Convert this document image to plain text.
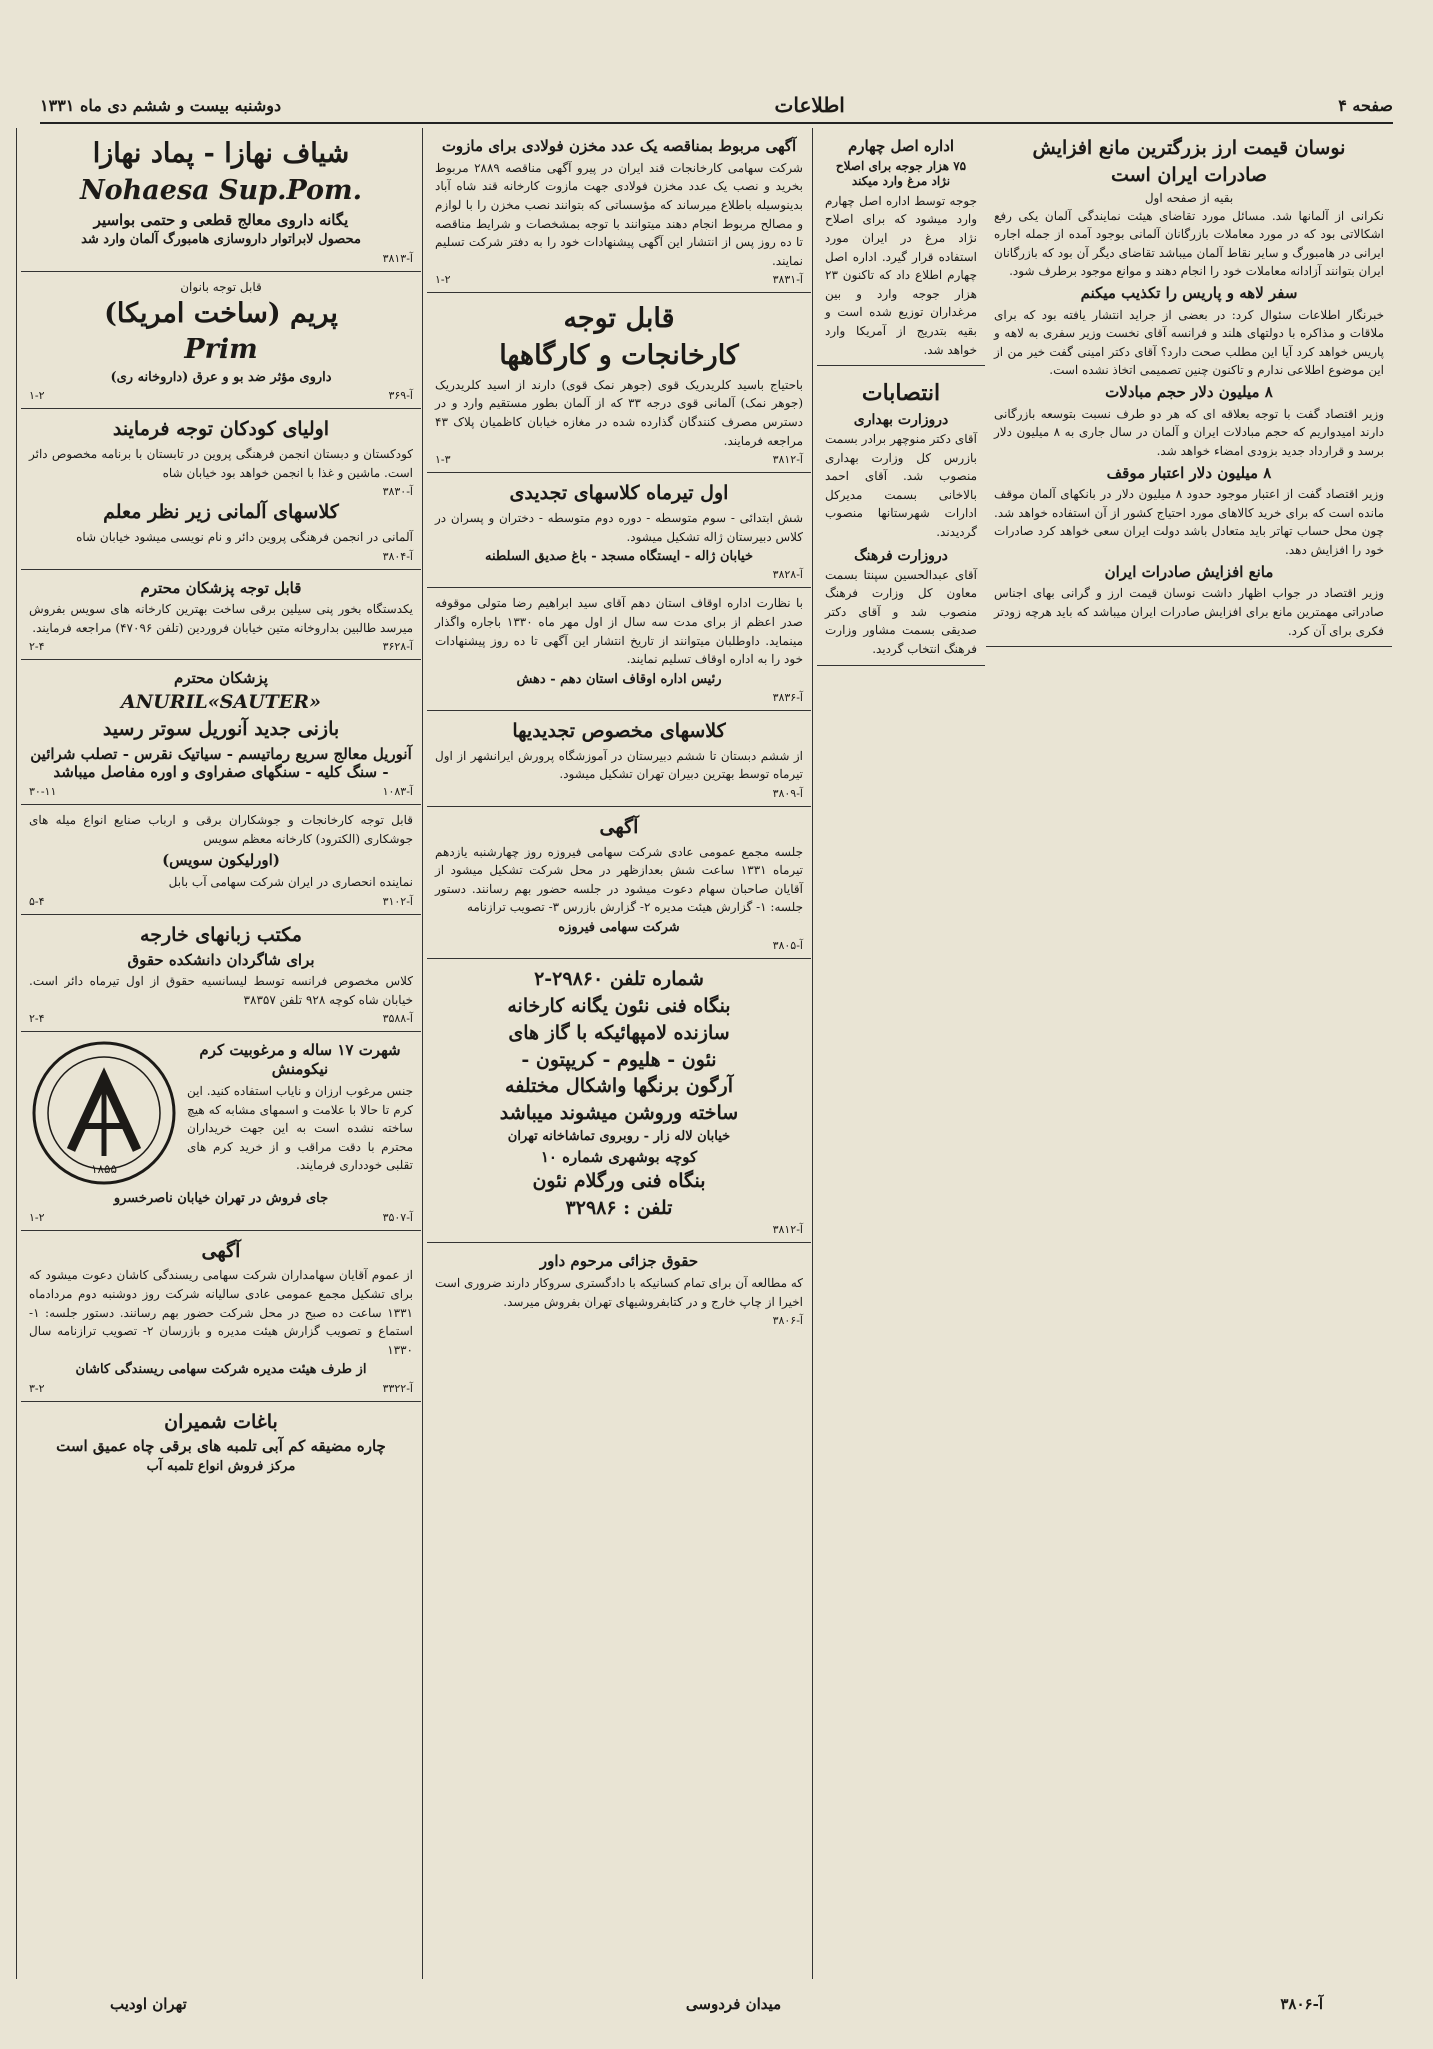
صفحه ۴
اطلاعات
دوشنبه بیست و ششم دی ماه ۱۳۳۱

نوسان قیمت ارز بزرگترین مانع افزایش

صادرات ایران است

بقیه از صفحه اول

نکرانی از آلمانها شد. مسائل مورد تقاضای هیئت نمایندگی آلمان یکی رفع اشکالاتی بود که در مورد معاملات بازرگانان آلمانی بوجود آمده از جمله اجاره ایرانی در هامبورگ و سایر نقاط آلمان میباشد تقاضای دیگر آن بود که بازرگانان ایران بتوانند آزادانه معاملات خود را انجام دهند و موانع موجود برطرف شود.

سفر لاهه و پاریس را تکذیب میکنم

خبرنگار اطلاعات سئوال کرد: در بعضی از جراید انتشار یافته بود که برای ملاقات و مذاکره با دولتهای هلند و فرانسه آقای نخست وزیر سفری به لاهه و پاریس خواهد کرد آیا این مطلب صحت دارد؟ آقای دکتر امینی گفت خیر من از این موضوع اطلاعی ندارم و تاکنون چنین تصمیمی اتخاذ نشده است.

۸ میلیون دلار حجم مبادلات

وزیر اقتصاد گفت با توجه بعلاقه ای که هر دو طرف نسبت بتوسعه بازرگانی دارند امیدواریم که حجم مبادلات ایران و آلمان در سال جاری به ۸ میلیون دلار برسد و قرارداد جدید بزودی امضاء خواهد شد.

۸ میلیون دلار اعتبار موقف

وزیر اقتصاد گفت از اعتبار موجود حدود ۸ میلیون دلار در بانکهای آلمان موقف مانده است که برای خرید کالاهای مورد احتیاج کشور از آن استفاده خواهد شد. چون محل حساب تهاتر باید متعادل باشد دولت ایران سعی خواهد کرد صادرات خود را افزایش دهد.

مانع افزایش صادرات ایران

وزیر اقتصاد در جواب اظهار داشت نوسان قیمت ارز و گرانی بهای اجناس صادراتی مهمترین مانع برای افزایش صادرات ایران میباشد که باید هرچه زودتر فکری برای آن کرد.

اداره اصل چهارم

۷۵ هزار جوجه برای اصلاح نژاد مرغ وارد میکند

جوجه توسط اداره اصل چهارم وارد میشود که برای اصلاح نژاد مرغ در ایران مورد استفاده قرار گیرد. اداره اصل چهارم اطلاع داد که تاکنون ۲۳ هزار جوجه وارد و بین مرغداران توزیع شده است و بقیه بتدریج از آمریکا وارد خواهد شد.

انتصابات

دروزارت بهداری

آقای دکتر منوچهر برادر بسمت بازرس کل وزارت بهداری منصوب شد. آقای احمد بالاخانی بسمت مدیرکل ادارات شهرستانها منصوب گردیدند.

دروزارت فرهنگ

آقای عبدالحسین سپنتا بسمت معاون کل وزارت فرهنگ منصوب شد و آقای دکتر صدیقی بسمت مشاور وزارت فرهنگ انتخاب گردید.

آگهی مربوط بمناقصه یک عدد مخزن فولادی برای مازوت

شرکت سهامی کارخانجات قند ایران در پیرو آگهی مناقصه ۲۸۸۹ مربوط بخرید و نصب یک عدد مخزن فولادی جهت مازوت کارخانه قند شاه آباد بدینوسیله باطلاع میرساند که مؤسساتی که بتوانند نصب مخزن را با لوازم و مصالح مربوط انجام دهند میتوانند با توجه بمشخصات و شرایط مناقصه تا ده روز پس از انتشار این آگهی پیشنهادات خود را به دفتر شرکت تسلیم نمایند.

۱-۲	آ-۳۸۳۱

قابل توجه

کارخانجات و کارگاهها

باحتیاج باسید کلریدریک قوی (جوهر نمک قوی) دارند از اسید کلریدریک (جوهر نمک) آلمانی قوی درجه ۳۳ که از آلمان بطور مستقیم وارد و در دسترس مصرف کنندگان گذارده شده در مغازه خیابان کاظمیان پلاک ۴۳ مراجعه فرمایند.

۱-۳	آ-۳۸۱۲

اول تیرماه کلاسهای تجدیدی

شش ابتدائی - سوم متوسطه - دوره دوم متوسطه - دختران و پسران در کلاس دبیرستان ژاله تشکیل میشود.

خیابان ژاله - ایستگاه مسجد - باغ صدیق السلطنه

آ-۳۸۲۸

با نظارت اداره اوقاف استان دهم آقای سید ابراهیم رضا متولی موقوفه صدر اعظم از برای مدت سه سال از اول مهر ماه ۱۳۳۰ باجاره واگذار مینماید. داوطلبان میتوانند از تاریخ انتشار این آگهی تا ده روز پیشنهادات خود را به اداره اوقاف تسلیم نمایند.

رئیس اداره اوقاف استان دهم - دهش

آ-۳۸۳۶

کلاسهای مخصوص تجدیدیها

از ششم دبستان تا ششم دبیرستان در آموزشگاه پرورش ایرانشهر از اول تیرماه توسط بهترین دبیران تهران تشکیل میشود.

آ-۳۸۰۹

آگهی

جلسه مجمع عمومی عادی شرکت سهامی فیروزه روز چهارشنبه یازدهم تیرماه ۱۳۳۱ ساعت شش بعدازظهر در محل شرکت تشکیل میشود از آقایان صاحبان سهام دعوت میشود در جلسه حضور بهم رسانند. دستور جلسه: ۱- گزارش هیئت مدیره ۲- گزارش بازرس ۳- تصویب ترازنامه

شرکت سهامی فیروزه

آ-۳۸۰۵

شماره تلفن ۲۹۸۶۰-۲

بنگاه فنی نئون یگانه کارخانه

سازنده لامپهائیکه با گاز های

نئون - هلیوم - کریپتون -

آرگون برنگها واشکال مختلفه

ساخته وروشن میشوند میباشد

خیابان لاله زار - روبروی تماشاخانه تهران

کوچه بوشهری شماره ۱۰

بنگاه فنی ورگلام نئون

تلفن : ۳۲۹۸۶

آ-۳۸۱۲

حقوق جزائی مرحوم داور

که مطالعه آن برای تمام کسانیکه با دادگستری سروکار دارند ضروری است اخیرا از چاپ خارج و در کتابفروشیهای تهران بفروش میرسد.

آ-۳۸۰۶

شیاف نهازا - پماد نهازا

Nohaesa Sup.Pom.

یگانه داروی معالج قطعی و حتمی بواسیر

محصول لابراتوار داروسازی هامبورگ آلمان وارد شد

آ-۳۸۱۳

قابل توجه بانوان

پریم (ساخت امریکا)

Prim

داروی مؤثر ضد بو و عرق (داروخانه ری)

۱-۲	آ-۳۶۹

اولیای کودکان توجه فرمایند

کودکستان و دبستان انجمن فرهنگی پروین در تابستان با برنامه مخصوص دائر است. ماشین و غذا با انجمن خواهد بود خیابان شاه

آ-۳۸۳۰

کلاسهای آلمانی زیر نظر معلم

آلمانی در انجمن فرهنگی پروین دائر و نام نویسی میشود خیابان شاه

آ-۳۸۰۴

قابل توجه پزشکان محترم

یکدستگاه بخور پنی سیلین برقی ساخت بهترین کارخانه های سویس بفروش میرسد طالبین بداروخانه متین خیابان فروردین (تلفن ۴۷۰۹۶) مراجعه فرمایند.

۲-۴	آ-۳۶۲۸

پزشکان محترم

ANURIL«SAUTER»

بازنی جدید آنوریل سوتر رسید

آنوریل معالج سریع رماتیسم - سیاتیک نقرس - تصلب شرائین - سنگ کلیه - سنگهای صفراوی و اوره مفاصل میباشد

۳۰-۱۱	آ-۱۰۸۳

قابل توجه کارخانجات و جوشکاران برقی و ارباب صنایع انواع میله های جوشکاری (الکترود) کارخانه معظم سویس

(اورلیکون سویس)

نماینده انحصاری در ایران شرکت سهامی آب بابل

۵-۴	آ-۳۱۰۲

مکتب زبانهای خارجه

برای شاگردان دانشکده حقوق

کلاس مخصوص فرانسه توسط لیسانسیه حقوق از اول تیرماه دائر است. خیابان شاه کوچه ۹۲۸ تلفن ۳۸۳۵۷

۲-۴	آ-۳۵۸۸

شهرت ۱۷ ساله و مرغوبیت کرم نیکومنش

جنس مرغوب ارزان و نایاب استفاده کنید. این کرم تا حالا با علامت و اسمهای مشابه که هیچ ساخته نشده است به این جهت خریداران محترم با دقت مراقب و از خرید کرم های تقلبی خودداری فرمایند.

۱۸۵۵

جای فروش در تهران خیابان ناصرخسرو

۱-۲	آ-۳۵۰۷

آگهی

از عموم آقایان سهامداران شرکت سهامی ریسندگی کاشان دعوت میشود که برای تشکیل مجمع عمومی عادی سالیانه شرکت روز دوشنبه دوم مردادماه ۱۳۳۱ ساعت ده صبح در محل شرکت حضور بهم رسانند. دستور جلسه: ۱- استماع و تصویب گزارش هیئت مدیره و بازرسان ۲- تصویب ترازنامه سال ۱۳۳۰

از طرف هیئت مدیره شرکت سهامی ریسندگی کاشان

۳-۲	آ-۳۳۲۲

باغات شمیران

چاره مضیقه کم آبی تلمبه های برقی چاه عمیق است

مرکز فروش انواع تلمبه آب

آ-۳۸۰۶
میدان فردوسی
تهران اودیب
